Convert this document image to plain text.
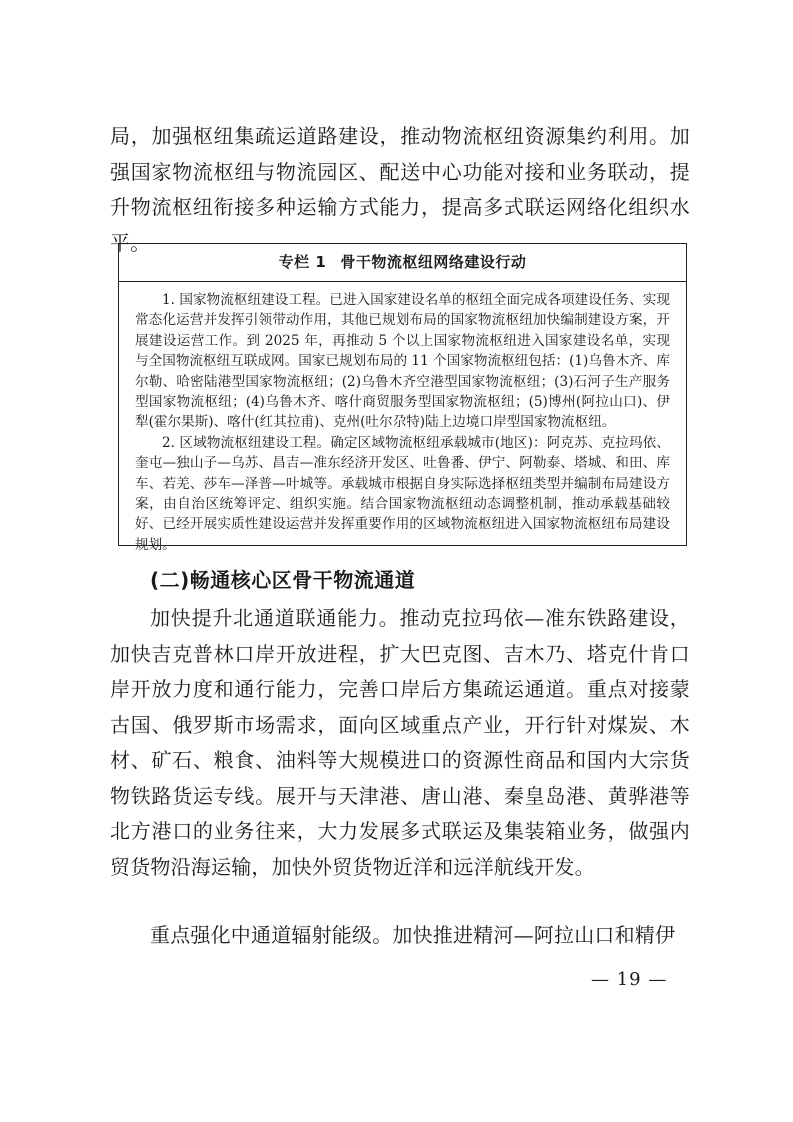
局，加强枢纽集疏运道路建设，推动物流枢纽资源集约利用。加强国家物流枢纽与物流园区、配送中心功能对接和业务联动，提升物流枢纽衔接多种运输方式能力，提高多式联运网络化组织水平。

专栏 1 骨干物流枢纽网络建设行动

1. 国家物流枢纽建设工程。已进入国家建设名单的枢纽全面完成各项建设任务、实现常态化运营并发挥引领带动作用，其他已规划布局的国家物流枢纽加快编制建设方案，开展建设运营工作。到 2025 年，再推动 5 个以上国家物流枢纽进入国家建设名单，实现与全国物流枢纽互联成网。国家已规划布局的 11 个国家物流枢纽包括：(1)乌鲁木齐、库尔勒、哈密陆港型国家物流枢纽；(2)乌鲁木齐空港型国家物流枢纽；(3)石河子生产服务型国家物流枢纽；(4)乌鲁木齐、喀什商贸服务型国家物流枢纽；(5)博州(阿拉山口)、伊犁(霍尔果斯)、喀什(红其拉甫)、克州(吐尔尕特)陆上边境口岸型国家物流枢纽。

2. 区域物流枢纽建设工程。确定区域物流枢纽承载城市(地区)：阿克苏、克拉玛依、奎屯—独山子—乌苏、昌吉—准东经济开发区、吐鲁番、伊宁、阿勒泰、塔城、和田、库车、若羌、莎车—泽普—叶城等。承载城市根据自身实际选择枢纽类型并编制布局建设方案，由自治区统筹评定、组织实施。结合国家物流枢纽动态调整机制，推动承载基础较好、已经开展实质性建设运营并发挥重要作用的区域物流枢纽进入国家物流枢纽布局建设规划。

(二)畅通核心区骨干物流通道

加快提升北通道联通能力。推动克拉玛依—准东铁路建设，加快吉克普林口岸开放进程，扩大巴克图、吉木乃、塔克什肯口岸开放力度和通行能力，完善口岸后方集疏运通道。重点对接蒙古国、俄罗斯市场需求，面向区域重点产业，开行针对煤炭、木材、矿石、粮食、油料等大规模进口的资源性商品和国内大宗货物铁路货运专线。展开与天津港、唐山港、秦皇岛港、黄骅港等北方港口的业务往来，大力发展多式联运及集装箱业务，做强内贸货物沿海运输，加快外贸货物近洋和远洋航线开发。

重点强化中通道辐射能级。加快推进精河—阿拉山口和精伊

— 19 —
